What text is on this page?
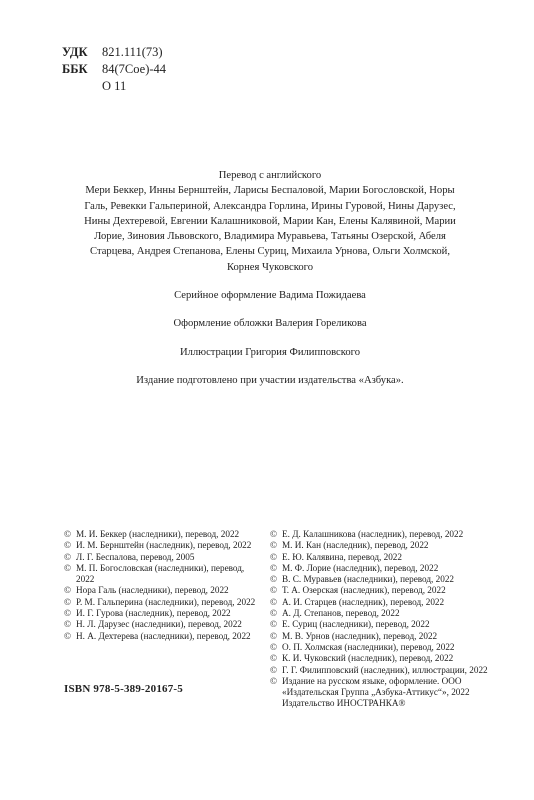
УДК	821.111(73)
ББК	84(7Сое)-44
О 11

Перевод с английского

Мери Беккер, Инны Бернштейн, Ларисы Беспаловой, Марии Богословской, Норы Галь, Ревекки Гальпериной, Александра Горлина, Ирины Гуровой, Нины Дарузес, Нины Дехтеревой, Евгении Калашниковой, Марии Кан, Елены Калявиной, Марии Лорие, Зиновия Львовского, Владимира Муравьева, Татьяны Озерской, Абеля Старцева, Андрея Степанова, Елены Суриц, Михаила Урнова, Ольги Холмской, Корнея Чуковского

Серийное оформление Вадима Пожидаева

Оформление обложки Валерия Гореликова

Иллюстрации Григория Филипповского

Издание подготовлено при участии издательства «Азбука».

© М. И. Беккер (наследники), перевод, 2022
© И. М. Бернштейн (наследник), перевод, 2022
© Л. Г. Беспалова, перевод, 2005
© М. П. Богословская (наследники), перевод, 2022
© Нора Галь (наследники), перевод, 2022
© Р. М. Гальперина (наследники), перевод, 2022
© И. Г. Гурова (наследник), перевод, 2022
© Н. Л. Дарузес (наследники), перевод, 2022
© Н. А. Дехтерева (наследники), перевод, 2022
© Е. Д. Калашникова (наследник), перевод, 2022
© М. И. Кан (наследник), перевод, 2022
© Е. Ю. Калявина, перевод, 2022
© М. Ф. Лорие (наследник), перевод, 2022
© В. С. Муравьев (наследники), перевод, 2022
© Т. А. Озерская (наследник), перевод, 2022
© А. И. Старцев (наследник), перевод, 2022
© А. Д. Степанов, перевод, 2022
© Е. Суриц (наследники), перевод, 2022
© М. В. Урнов (наследник), перевод, 2022
© О. П. Холмская (наследники), перевод, 2022
© К. И. Чуковский (наследник), перевод, 2022
© Г. Г. Филипповский (наследник), иллюстрации, 2022
© Издание на русском языке, оформление. ООО «Издательская Группа „Азбука-Аттикус“», 2022 Издательство ИНОСТРАНКА®
ISBN 978-5-389-20167-5
